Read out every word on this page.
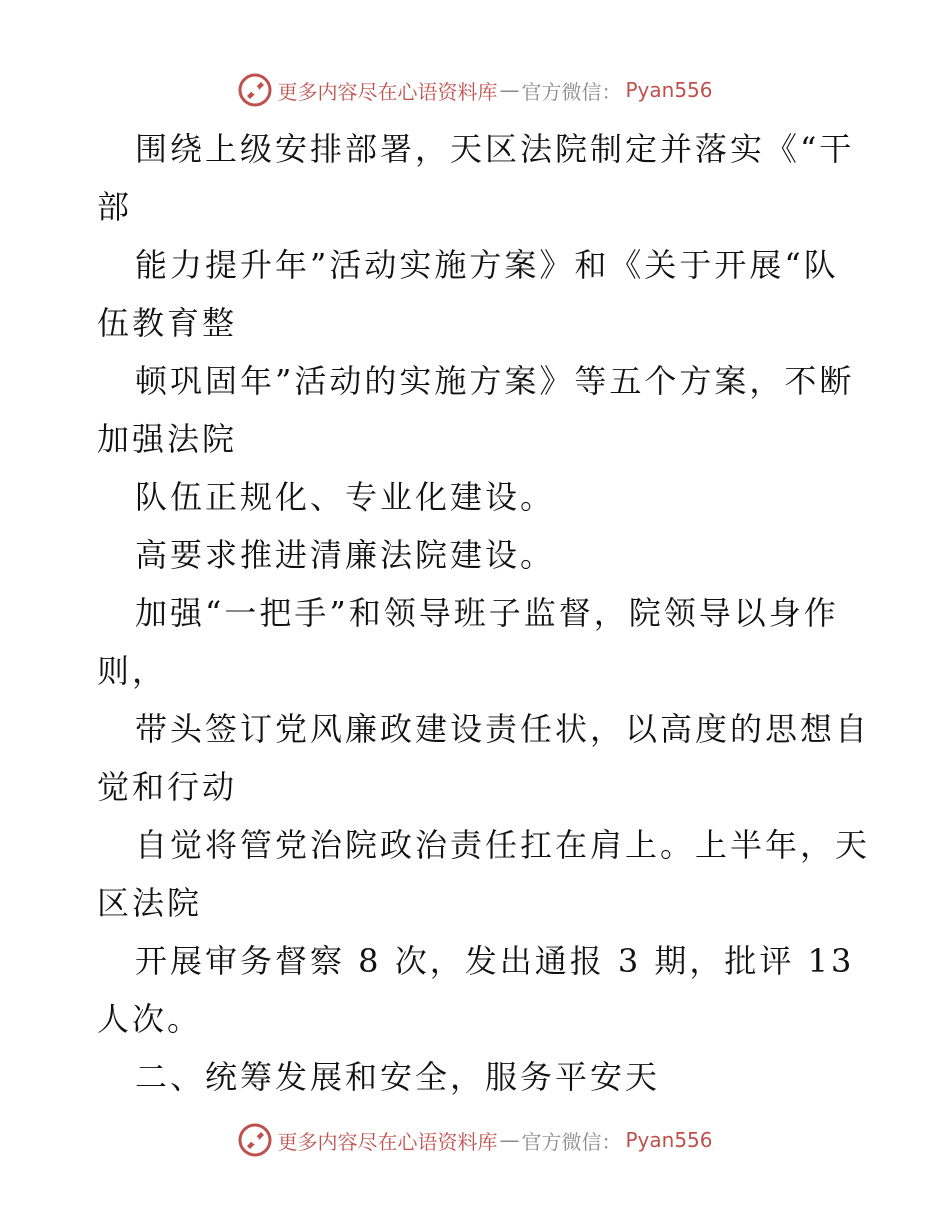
更多内容尽在心语资料库 — 官方微信： Pyan556
围绕上级安排部署，天区法院制定并落实《“干
部
能力提升年”活动实施方案》和《关于开展“队
伍教育整
顿巩固年”活动的实施方案》等五个方案，不断
加强法院
队伍正规化、专业化建设。
高要求推进清廉法院建设。
加强“一把手”和领导班子监督，院领导以身作
则，
带头签订党风廉政建设责任状，以高度的思想自
觉和行动
自觉将管党治院政治责任扛在肩上。上半年，天
区法院
开展审务督察 8 次，发出通报 3 期，批评 13
人次。
二、统筹发展和安全，服务平安天
更多内容尽在心语资料库 — 官方微信： Pyan556
